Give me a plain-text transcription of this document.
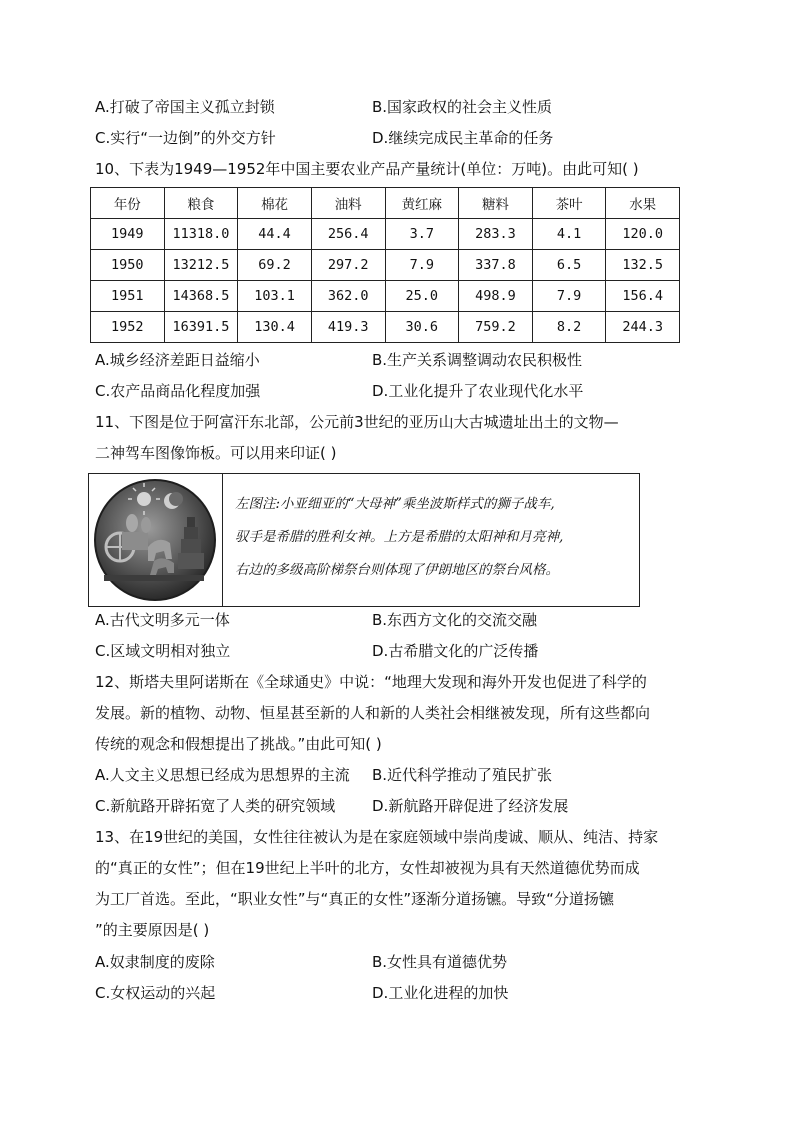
A.打破了帝国主义孤立封锁	B.国家政权的社会主义性质
C.实行“一边倒”的外交方针	D.继续完成民主革命的任务
10、下表为1949—1952年中国主要农业产品产量统计(单位：万吨)。由此可知( )
年份	粮食	棉花	油料	黄红麻	糖料	茶叶	水果
1949	11318.0	44.4	256.4	3.7	283.3	4.1	120.0
1950	13212.5	69.2	297.2	7.9	337.8	6.5	132.5
1951	14368.5	103.1	362.0	25.0	498.9	7.9	156.4
1952	16391.5	130.4	419.3	30.6	759.2	8.2	244.3
A.城乡经济差距日益缩小	B.生产关系调整调动农民积极性
C.农产品商品化程度加强	D.工业化提升了农业现代化水平
11、下图是位于阿富汗东北部，公元前3世纪的亚历山大古城遗址出土的文物—
二神驾车图像饰板。可以用来印证( )
左图注:小亚细亚的“大母神”乘坐波斯样式的狮子战车,
驭手是希腊的胜利女神。上方是希腊的太阳神和月亮神,
右边的多级高阶梯祭台则体现了伊朗地区的祭台风格。
A.古代文明多元一体	B.东西方文化的交流交融
C.区域文明相对独立	D.古希腊文化的广泛传播
12、斯塔夫里阿诺斯在《全球通史》中说：“地理大发现和海外开发也促进了科学的
发展。新的植物、动物、恒星甚至新的人和新的人类社会相继被发现，所有这些都向
传统的观念和假想提出了挑战。”由此可知( )
A.人文主义思想已经成为思想界的主流 B.近代科学推动了殖民扩张
C.新航路开辟拓宽了人类的研究领域 D.新航路开辟促进了经济发展
13、在19世纪的美国，女性往往被认为是在家庭领域中崇尚虔诚、顺从、纯洁、持家
的“真正的女性”；但在19世纪上半叶的北方，女性却被视为具有天然道德优势而成
为工厂首选。至此，“职业女性”与“真正的女性”逐渐分道扬镳。导致“分道扬镳
”的主要原因是( )
A.奴隶制度的废除	B.女性具有道德优势
C.女权运动的兴起	D.工业化进程的加快
